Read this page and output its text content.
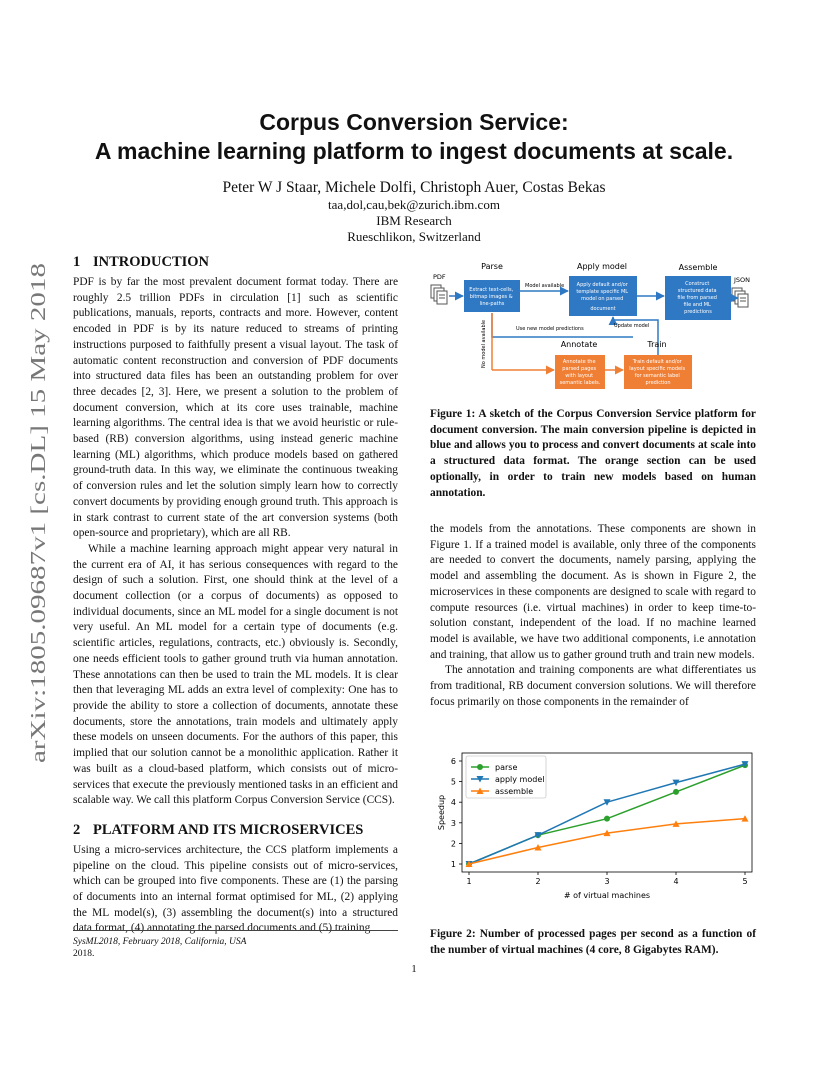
arXiv:1805.09687v1 [cs.DL] 15 May 2018

Corpus Conversion Service:

A machine learning platform to ingest documents at scale.

Peter W J Staar, Michele Dolfi, Christoph Auer, Costas Bekas
taa,dol,cau,bek@zurich.ibm.com
IBM Research
Rueschlikon, Switzerland
1 INTRODUCTION

PDF is by far the most prevalent document format today. There are roughly 2.5 trillion PDFs in circulation [1] such as scientific publications, manuals, reports, contracts and more. However, content encoded in PDF is by its nature reduced to streams of printing instructions purposed to faithfully present a visual layout. The task of automatic content reconstruction and conversion of PDF documents into structured data files has been an outstanding problem for over three decades [2, 3]. Here, we present a solution to the problem of document conversion, which at its core uses trainable, machine learning algorithms. The central idea is that we avoid heuristic or rule-based (RB) conversion algorithms, using instead generic machine learning (ML) algorithms, which produce models based on gathered ground-truth data. In this way, we eliminate the continuous tweaking of conversion rules and let the solution simply learn how to correctly convert documents by providing enough ground truth. This approach is in stark contrast to current state of the art conversion systems (both open-source and proprietary), which are all RB.

While a machine learning approach might appear very natural in the current era of AI, it has serious consequences with regard to the design of such a solution. First, one should think at the level of a document collection (or a corpus of documents) as opposed to individual documents, since an ML model for a single document is not very useful. An ML model for a certain type of documents (e.g. scientific articles, regulations, contracts, etc.) obviously is. Secondly, one needs efficient tools to gather ground truth via human annotation. These annotations can then be used to train the ML models. It is clear then that leveraging ML adds an extra level of complexity: One has to provide the ability to store a collection of documents, annotate these documents, store the annotations, train models and ultimately apply these models on unseen documents. For the authors of this paper, this implied that our solution cannot be a monolithic application. Rather it was built as a cloud-based platform, which consists out of micro-services that execute the previously mentioned tasks in an efficient and scalable way. We call this platform Corpus Conversion Service (CCS).

2 PLATFORM AND ITS MICROSERVICES

Using a micro-services architecture, the CCS platform implements a pipeline on the cloud. This pipeline consists out of micro-services, which can be grouped into five components. These are (1) the parsing of documents into an internal format optimised for ML, (2) applying the ML model(s), (3) assembling the document(s) into a structured data format, (4) annotating the parsed documents and (5) training

SysML2018, February 2018, California, USA
2018.
1
Parse	Apply model	Assemble
PDF	JSON
Extract text-cells, bitmap images & line-paths
Apply default and/or template specific ML model on parsed document
Construct structured data file from parsed file and ML predictions
Model available
Update model
Use new model predictions
No model available	Annotate	Train
Annotate the parsed pages with layout semantic labels.
Train default and/or layout specific models for semantic label prediction
Figure 1: A sketch of the Corpus Conversion Service platform for document conversion. The main conversion pipeline is depicted in blue and allows you to process and convert documents at scale into a structured data format. The orange section can be used optionally, in order to train new models based on human annotation.

the models from the annotations. These components are shown in Figure 1. If a trained model is available, only three of the components are needed to convert the documents, namely parsing, applying the model and assembling the document. As is shown in Figure 2, the microservices in these components are designed to scale with regard to compute resources (i.e. virtual machines) in order to keep time-to-solution constant, independent of the load. If no machine learned model is available, we have two additional components, i.e annotation and training, that allow us to gather ground truth and train new models.

The annotation and training components are what differentiates us from traditional, RB document conversion solutions. We will therefore focus primarily on those components in the remainder of

1	2	3	4	5
1
2
3
4
5
6
# of virtual machines
Speedup
parse
apply model
assemble
Figure 2: Number of processed pages per second as a function of the number of virtual machines (4 core, 8 Gigabytes RAM).
